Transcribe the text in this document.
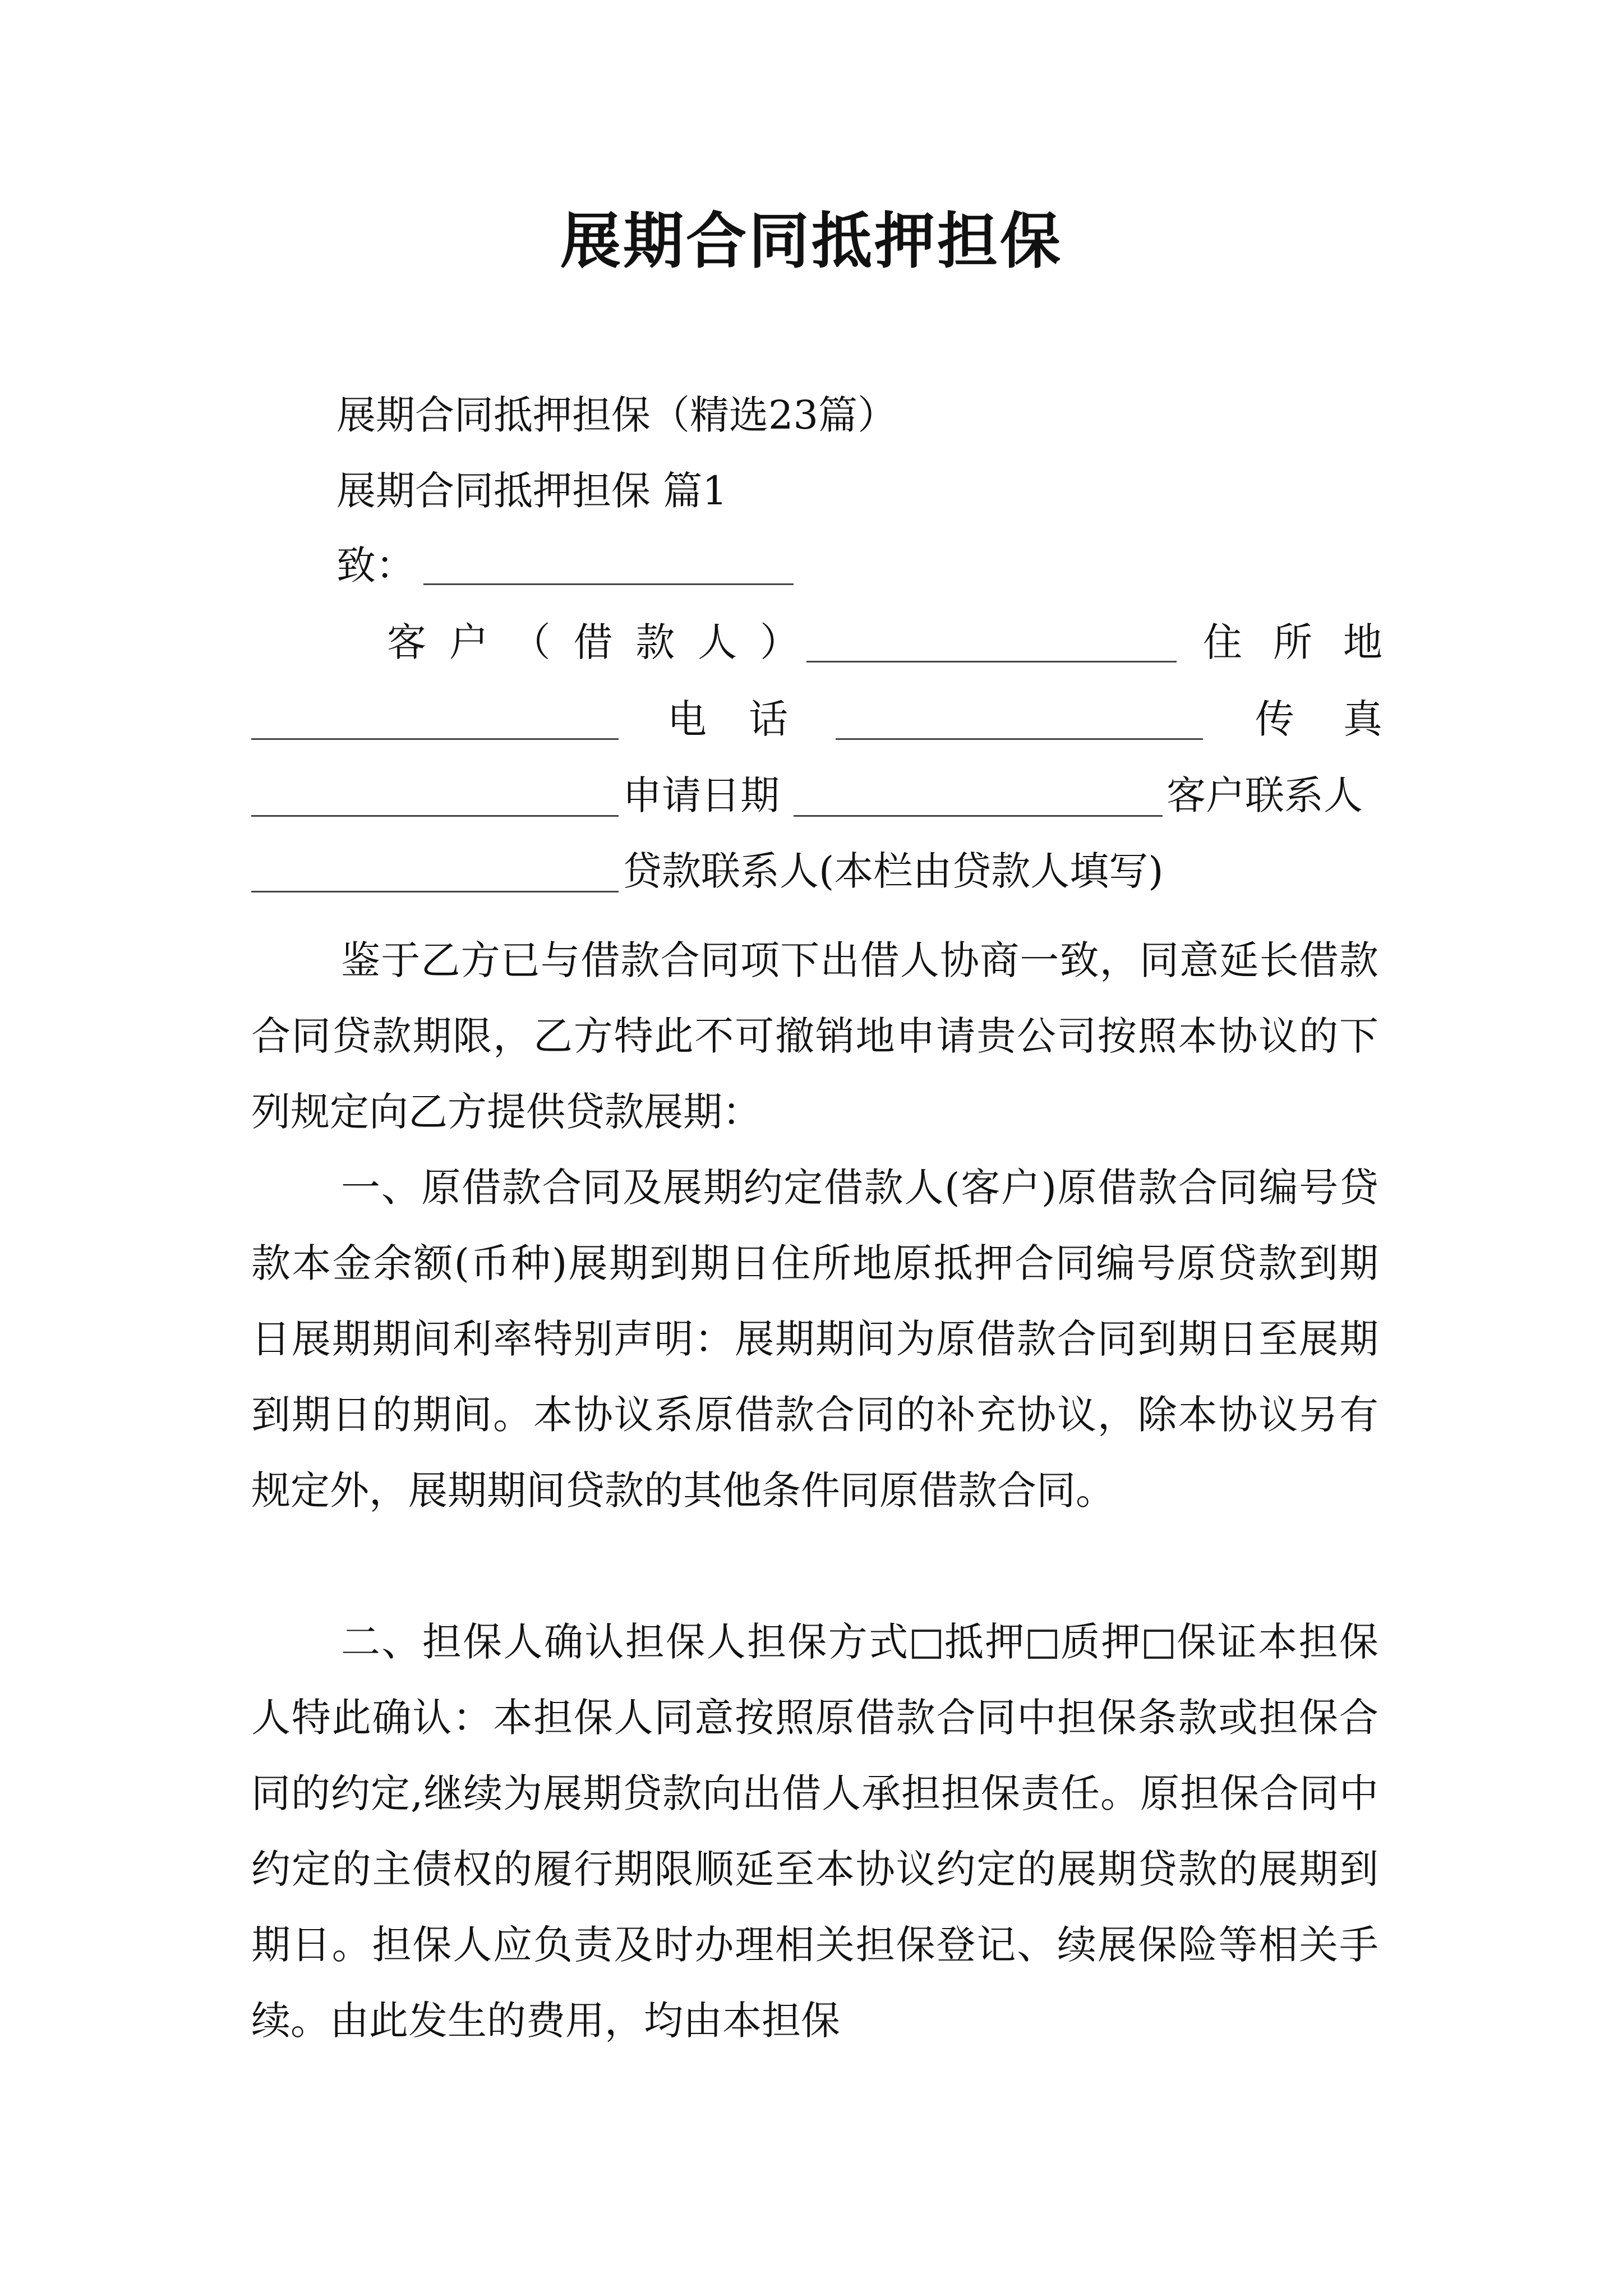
展期合同抵押担保
展期合同抵押担保（精选23篇）
展期合同抵押担保 篇1
致：
客 户 （ 借 款 人 ）	住 所 地
电 话	传 真
申请日期	客户联系人
贷款联系人(本栏由贷款人填写)
鉴于乙方已与借款合同项下出借人协商一致，同意延长借款合同贷款期限，乙方特此不可撤销地申请贵公司按照本协议的下列规定向乙方提供贷款展期：
一、原借款合同及展期约定借款人(客户)原借款合同编号贷款本金余额(币种)展期到期日住所地原抵押合同编号原贷款到期日展期期间利率特别声明：展期期间为原借款合同到期日至展期到期日的期间。本协议系原借款合同的补充协议，除本协议另有规定外，展期期间贷款的其他条件同原借款合同。
二、担保人确认担保人担保方式 抵押 质押 保证本担保人特此确认：本担保人同意按照原借款合同中担保条款或担保合同的约定,继续为展期贷款向出借人承担担保责任。原担保合同中约定的主债权的履行期限顺延至本协议约定的展期贷款的展期到期日。担保人应负责及时办理相关担保登记、续展保险等相关手续。由此发生的费用，均由本担保
